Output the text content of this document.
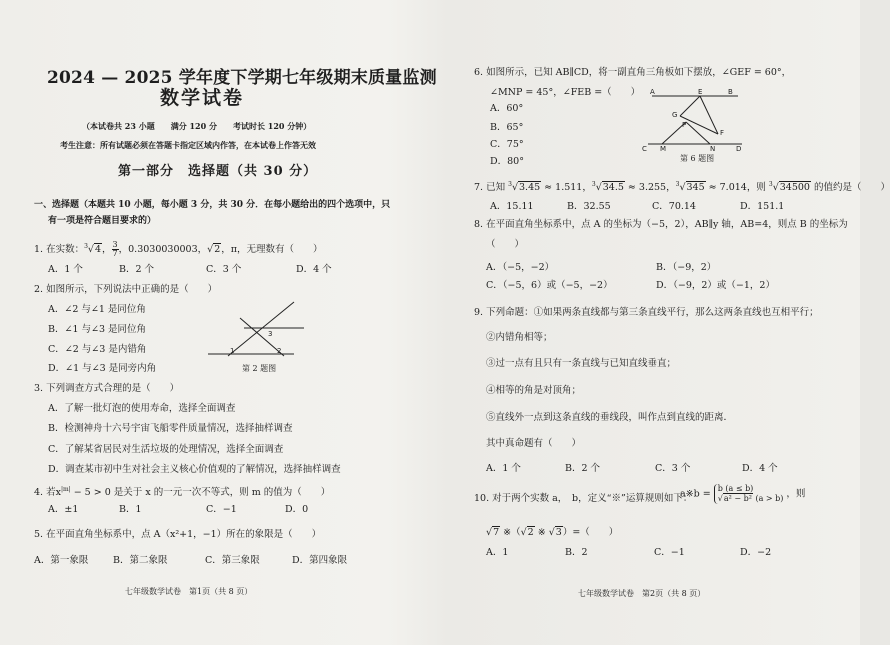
2024 — 2025 学年度下学期七年级期末质量监测
数学试卷
（本试卷共 23 小题　　满分 120 分　　考试时长 120 分钟）
考生注意：所有试题必须在答题卡指定区域内作答，在本试卷上作答无效
第一部分　选择题（共 30 分）
一、选择题（本题共 10 小题，每小题 3 分，共 30 分．在每小题给出的四个选项中，只
有一项是符合题目要求的）
1. 在实数：$^3$√4， $\frac{3}{7}$ ，0.3030030003，√2，π，无理数有（　　）
A．1 个	B．2 个	C．3 个	D．4 个
2. 如图所示，下列说法中正确的是（　　）
A．∠2 与∠1 是同位角
B．∠1 与∠3 是同位角
C．∠2 与∠3 是内错角
D．∠1 与∠3 是同旁内角
1	2
3
第 2 题图
3. 下列调查方式合理的是（　　）
A．了解一批灯泡的使用寿命，选择全面调查
B．检测神舟十六号宇宙飞船零件质量情况，选择抽样调查
C．了解某省居民对生活垃圾的处理情况，选择全面调查
D．调查某市初中生对社会主义核心价值观的了解情况，选择抽样调查
4. 若$x^{|m|} - 5 > 0$ 是关于 x 的一元一次不等式，则 m 的值为（　　）
A．±1	B．1	C．−1	D．0
5. 在平面直角坐标系中，点 A（x²+1，−1）所在的象限是（　　）
A．第一象限	B．第二象限	C．第三象限	D．第四象限
七年级数学试卷　第1页（共 8 页）
6. 如图所示，已知 AB∥CD，将一副直角三角板如下摆放，∠GEF = 60°，
∠MNP = 45°，∠FEB =（　　）
A．60°
B．65°
C．75°
D．80°
A	E	B
G
P
F
C M	N	D
第 6 题图
7. 已知 $^3$√3.45 ≈ 1.511，$^3$√34.5 ≈ 3.255，$^3$√345 ≈ 7.014，则 $^3$√34500 的值约是（　　）
A．15.11	B．32.55	C．70.14	D．151.1
8. 在平面直角坐标系中，点 A 的坐标为（−5，2），AB∥y 轴，AB=4，则点 B 的坐标为
（　　）
A．（−5，−2）	B．（−9，2）
C．（−5，6）或（−5，−2）	D．（−9，2）或（−1，2）
9. 下列命题：①如果两条直线都与第三条直线平行，那么这两条直线也互相平行；
②内错角相等；
③过一点有且只有一条直线与已知直线垂直；
④相等的角是对顶角；
⑤直线外一点到这条直线的垂线段，叫作点到直线的距离．
其中真命题有（　　）
A．1 个	B．2 个	C．3 个	D．4 个
10. 对于两个实数 a，　b，定义“※”运算规则如下：
a※b = b (a ≤ b)
√a² − b² (a > b) ，则
√7 ※（√2 ※ √3）=（　　）
A．1	B．2	C．−1	D．−2
七年级数学试卷　第2页（共 8 页）
